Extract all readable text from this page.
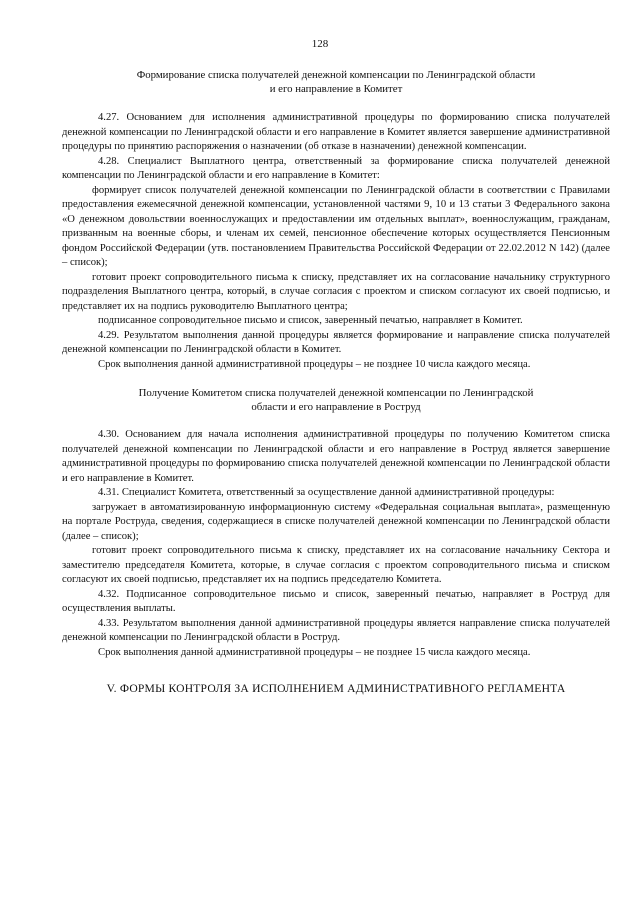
128
Формирование списка получателей денежной компенсации по Ленинградской области
и его направление в Комитет

4.27. Основанием для исполнения административной процедуры по формированию списка получателей денежной компенсации по Ленинградской области и его направление в Комитет является завершение административной процедуры по принятию распоряжения о назначении (об отказе в назначении) денежной компенсации.

4.28. Специалист Выплатного центра, ответственный за формирование списка получателей денежной компенсации по Ленинградской области и его направление в Комитет:

формирует список получателей денежной компенсации по Ленинградской области в соответствии с Правилами предоставления ежемесячной денежной компенсации, установленной частями 9, 10 и 13 статьи 3 Федерального закона «О денежном довольствии военнослужащих и предоставлении им отдельных выплат», военнослужащим, гражданам, призванным на военные сборы, и членам их семей, пенсионное обеспечение которых осуществляется Пенсионным фондом Российской Федерации (утв. постановлением Правительства Российской Федерации от 22.02.2012 N 142) (далее – список);

готовит проект сопроводительного письма к списку, представляет их на согласование начальнику структурного подразделения Выплатного центра, который, в случае согласия с проектом и списком согласуют их своей подписью, и представляет их на подпись руководителю Выплатного центра;

подписанное сопроводительное письмо и список, заверенный печатью, направляет в Комитет.

4.29. Результатом выполнения данной процедуры является формирование и направление списка получателей денежной компенсации по Ленинградской области в Комитет.

Срок выполнения данной административной процедуры – не позднее 10 числа каждого месяца.

Получение Комитетом списка получателей денежной компенсации по Ленинградской
области и его направление в Роструд

4.30. Основанием для начала исполнения административной процедуры по получению Комитетом списка получателей денежной компенсации по Ленинградской области и его направление в Роструд является завершение административной процедуры по формированию списка получателей денежной компенсации по Ленинградской области и его направление в Комитет.

4.31. Специалист Комитета, ответственный за осуществление данной административной процедуры:

загружает в автоматизированную информационную систему «Федеральная социальная выплата», размещенную на портале Роструда, сведения, содержащиеся в списке получателей денежной компенсации по Ленинградской области (далее – список);

готовит проект сопроводительного письма к списку, представляет их на согласование начальнику Сектора и заместителю председателя Комитета, которые, в случае согласия с проектом сопроводительного письма и списком согласуют их своей подписью, представляет их на подпись председателю Комитета.

4.32. Подписанное сопроводительное письмо и список, заверенный печатью, направляет в Роструд для осуществления выплаты.

4.33. Результатом выполнения данной административной процедуры является направление списка получателей денежной компенсации по Ленинградской области в Роструд.

Срок выполнения данной административной процедуры – не позднее 15 числа каждого месяца.

V. ФОРМЫ КОНТРОЛЯ ЗА ИСПОЛНЕНИЕМ АДМИНИСТРАТИВНОГО РЕГЛАМЕНТА
